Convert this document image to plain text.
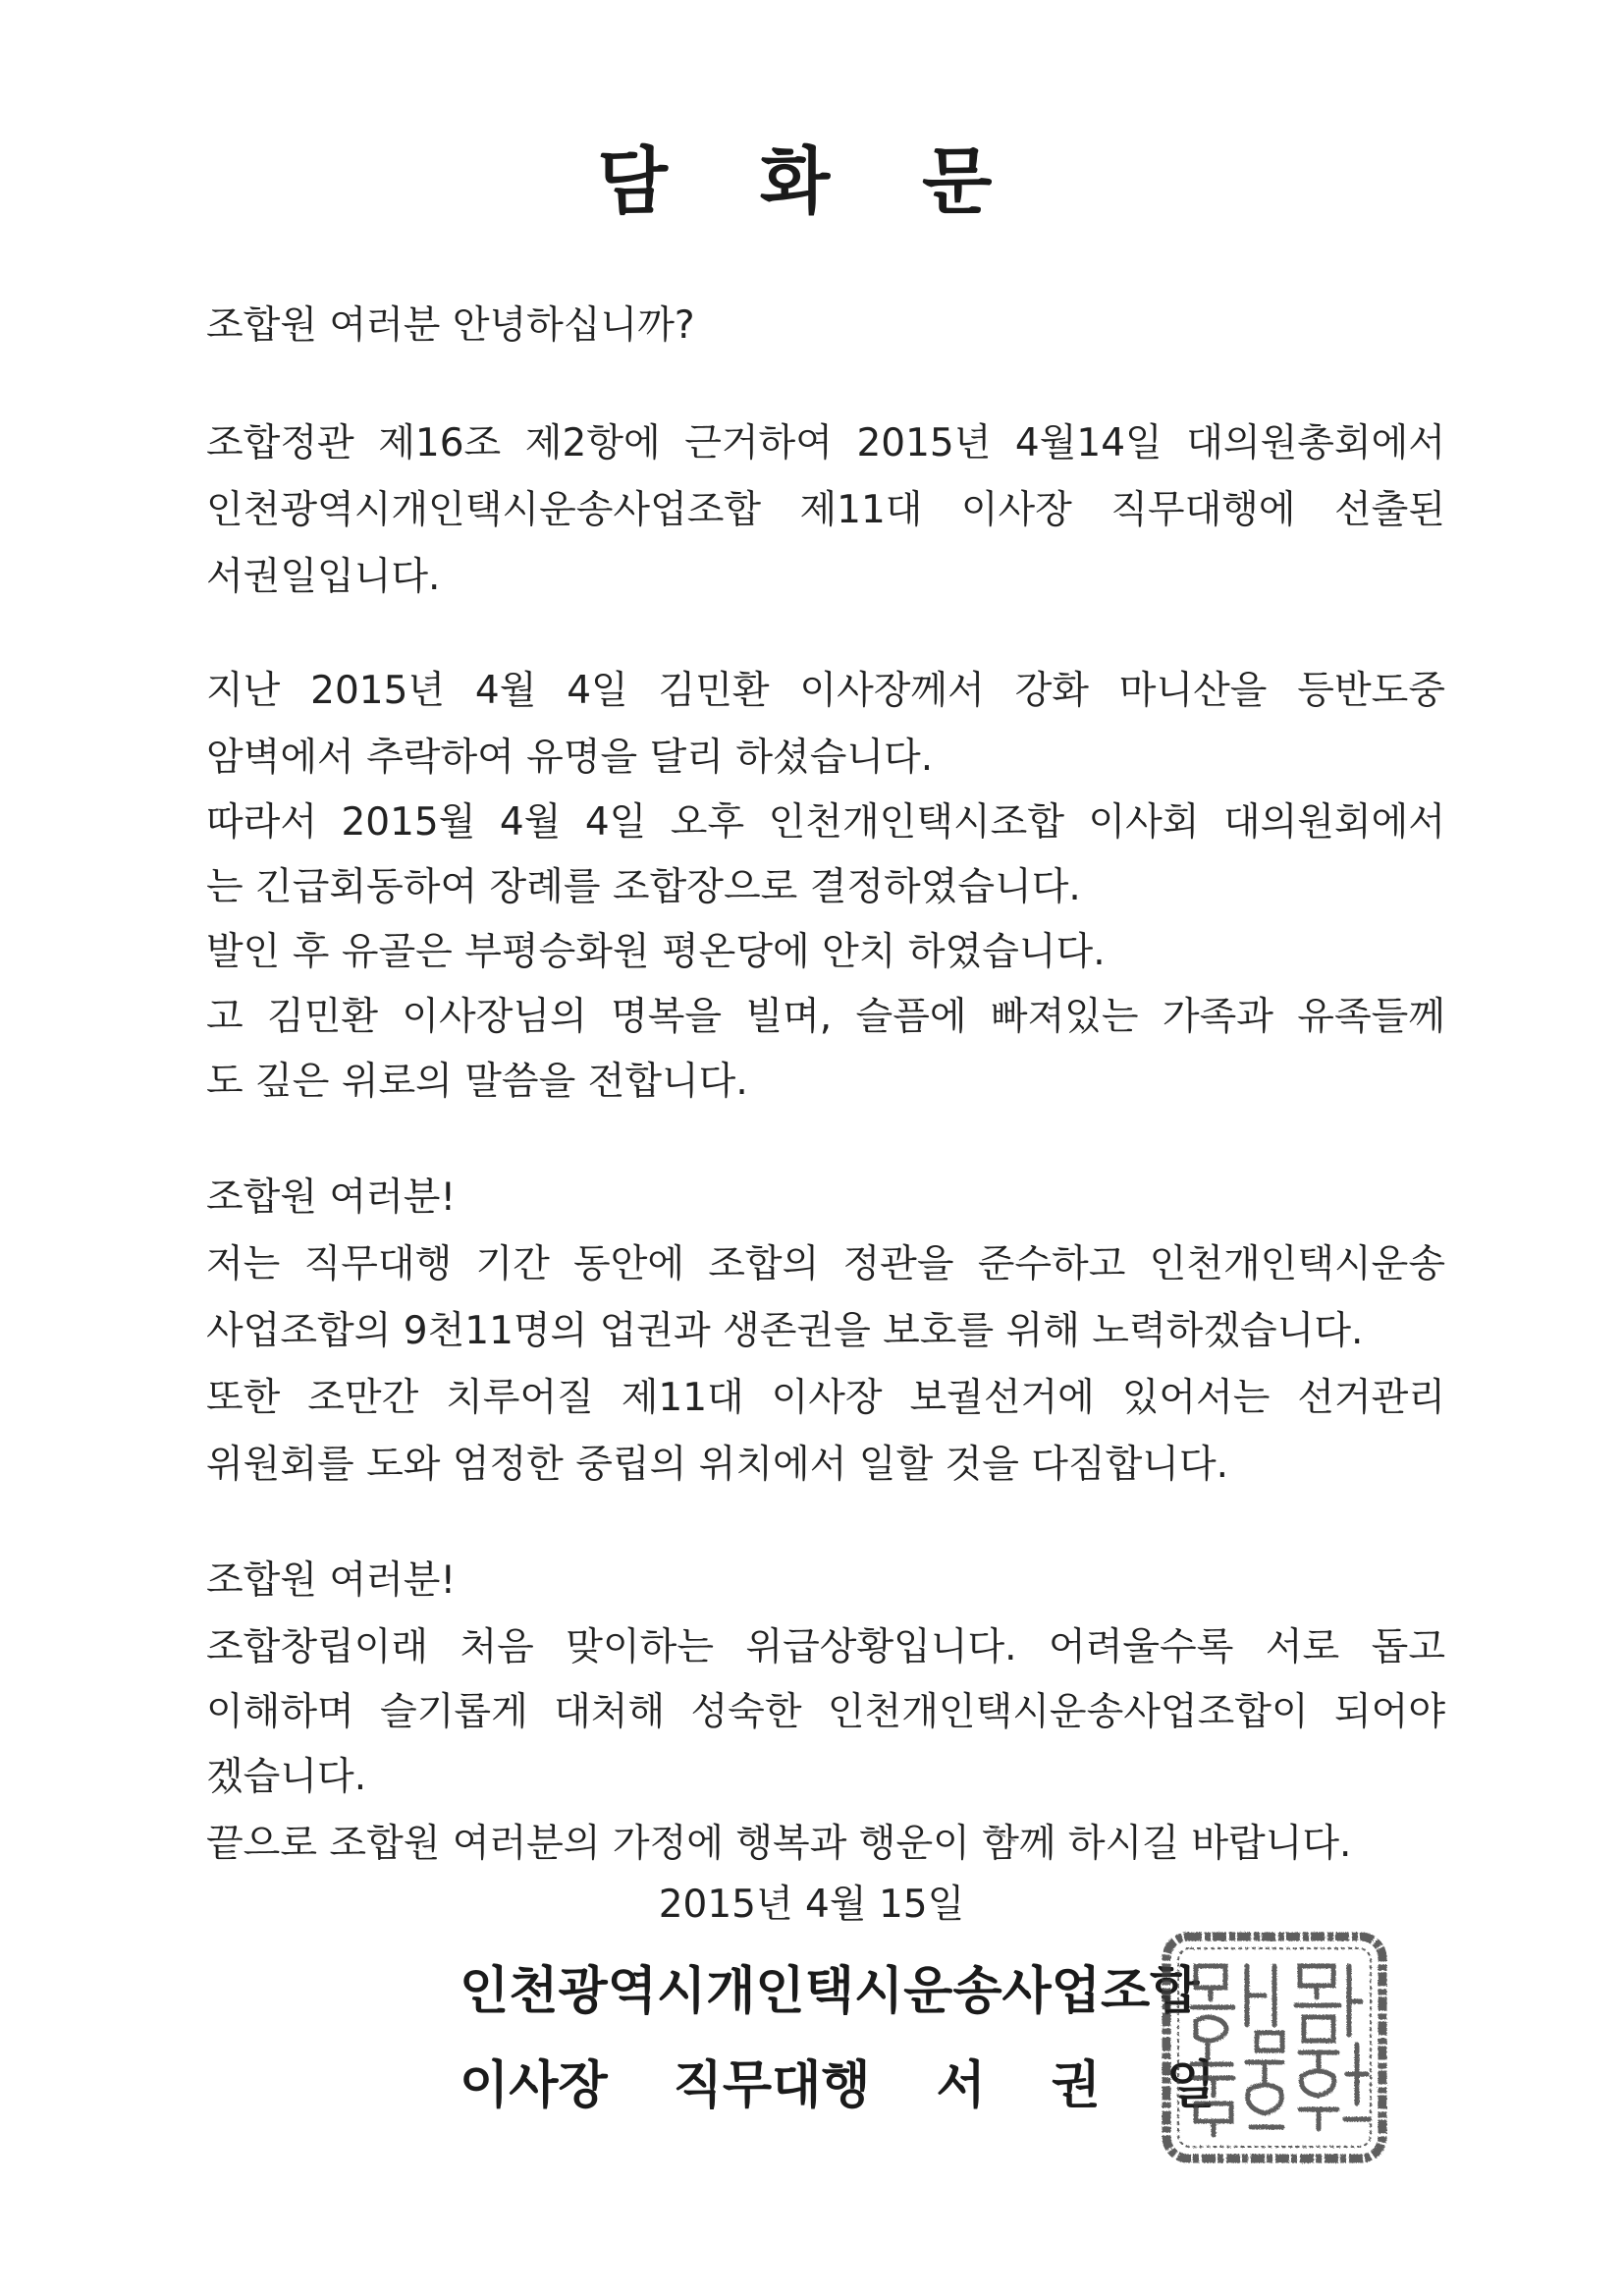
담 화 문
조합원 여러분 안녕하십니까?
조합정관 제16조 제2항에 근거하여 2015년 4월14일 대의원총회에서
인천광역시개인택시운송사업조합 제11대 이사장 직무대행에 선출된
서권일입니다.
지난 2015년 4월 4일 김민환 이사장께서 강화 마니산을 등반도중
암벽에서 추락하여 유명을 달리 하셨습니다.
따라서 2015월 4월 4일 오후 인천개인택시조합 이사회 대의원회에서
는 긴급회동하여 장례를 조합장으로 결정하였습니다.
발인 후 유골은 부평승화원 평온당에 안치 하였습니다.
고 김민환 이사장님의 명복을 빌며, 슬픔에 빠져있는 가족과 유족들께
도 깊은 위로의 말씀을 전합니다.
조합원 여러분!
저는 직무대행 기간 동안에 조합의 정관을 준수하고 인천개인택시운송
사업조합의 9천11명의 업권과 생존권을 보호를 위해 노력하겠습니다.
또한 조만간 치루어질 제11대 이사장 보궐선거에 있어서는 선거관리
위원회를 도와 엄정한 중립의 위치에서 일할 것을 다짐합니다.
조합원 여러분!
조합창립이래 처음 맞이하는 위급상황입니다. 어려울수록 서로 돕고
이해하며 슬기롭게 대처해 성숙한 인천개인택시운송사업조합이 되어야
겠습니다.
끝으로 조합원 여러분의 가정에 행복과 행운이 함께 하시길 바랍니다.
2015년 4월 15일
인천광역시개인택시운송사업조합
이사장 직무대행 서 권 일
